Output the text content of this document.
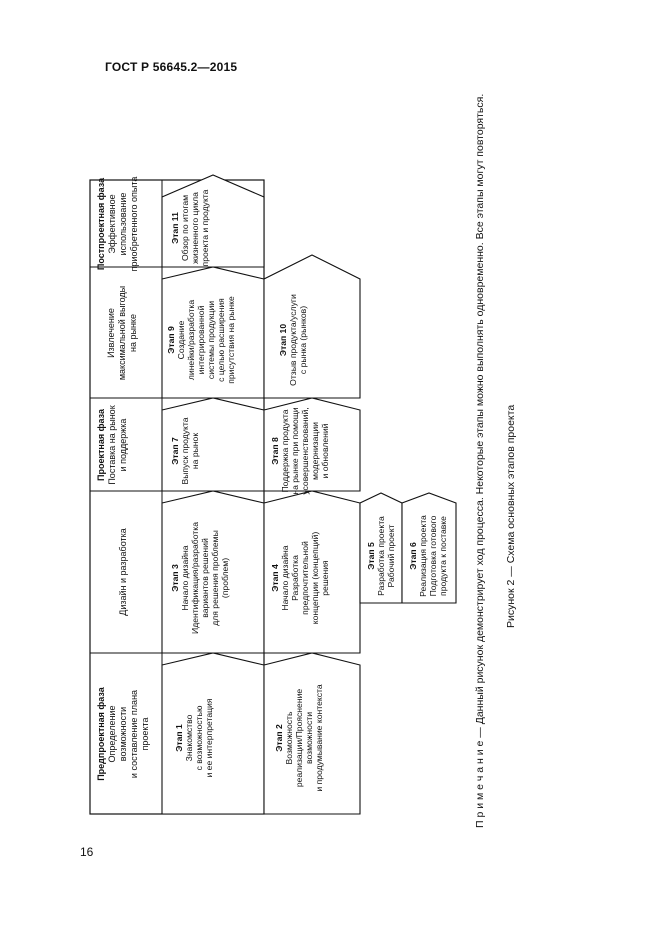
ГОСТ Р 56645.2—2015
Предпроектная фаза Определение возможности и составление плана проекта
Дизайн и разработка
Проектная фаза Поставка на рынок и поддержка
Извлечение максимальной выгоды на рынке
Постпроектная фаза Эффективное использование приобретенного опыта
Этап 1 Знакомство с возможностью и ее интерпретация	Этап 2 Возможность реализации/Прояснение возможности и продумывание контекста
Этап 3 Начало дизайна Идентификация/разработка вариантов решений для решения проблемы (проблем)	Этап 4 Начало дизайна Разработка предпочтительной концепции (концепций) решения
Этап 5 Разработка проекта Рабочий проект Этап 6 Реализация проекта Подготовка готового продукта к поставке
Этап 7 Выпуск продукта на рынок	Этап 8 Поддержка продукта на рынке при помощи усовершенствований, модернизации и обновлений
Этап 9 Создание линейки/разработка интегрированной системы продукции с целью расширения присутствия на рынке	Этап 10 Отзыв продукта/услуги с рынка (рынков)
Этап 11 Обзор по итогам жизненного цикла проекта и продукта
П р и м е ч а н и е — Данный рисунок демонстрирует ход процесса. Некоторые этапы можно выполнять одновременно. Все этапы могут повторяться. Рисунок 2 — Схема основных этапов проекта
16
